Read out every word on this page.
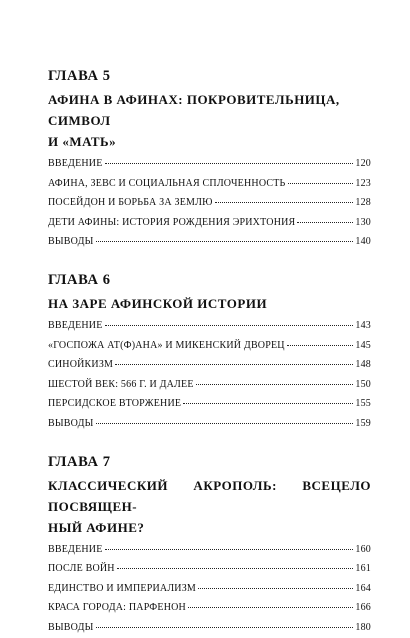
ГЛАВА 5
АФИНА В АФИНАХ: ПОКРОВИТЕЛЬНИЦА, СИМВОЛ
И «МАТЬ»
ВВЕДЕНИЕ	120
АФИНА, ЗЕВС И СОЦИАЛЬНАЯ СПЛОЧЕННОСТЬ	123
ПОСЕЙДОН И БОРЬБА ЗА ЗЕМЛЮ	128
ДЕТИ АФИНЫ: ИСТОРИЯ РОЖДЕНИЯ ЭРИХТОНИЯ	130
ВЫВОДЫ	140
ГЛАВА 6
НА ЗАРЕ АФИНСКОЙ ИСТОРИИ
ВВЕДЕНИЕ	143
«ГОСПОЖА АТ(Ф)АНА» И МИКЕНСКИЙ ДВОРЕЦ	145
СИНОЙКИЗМ	148
ШЕСТОЙ ВЕК: 566 Г. И ДАЛЕЕ	150
ПЕРСИДСКОЕ ВТОРЖЕНИЕ	155
ВЫВОДЫ	159
ГЛАВА 7
КЛАССИЧЕСКИЙ АКРОПОЛЬ: ВСЕЦЕЛО ПОСВЯЩЕН-
НЫЙ АФИНЕ?
ВВЕДЕНИЕ	160
ПОСЛЕ ВОЙН	161
ЕДИНСТВО И ИМПЕРИАЛИЗМ	164
КРАСА ГОРОДА: ПАРФЕНОН	166
ВЫВОДЫ	180
